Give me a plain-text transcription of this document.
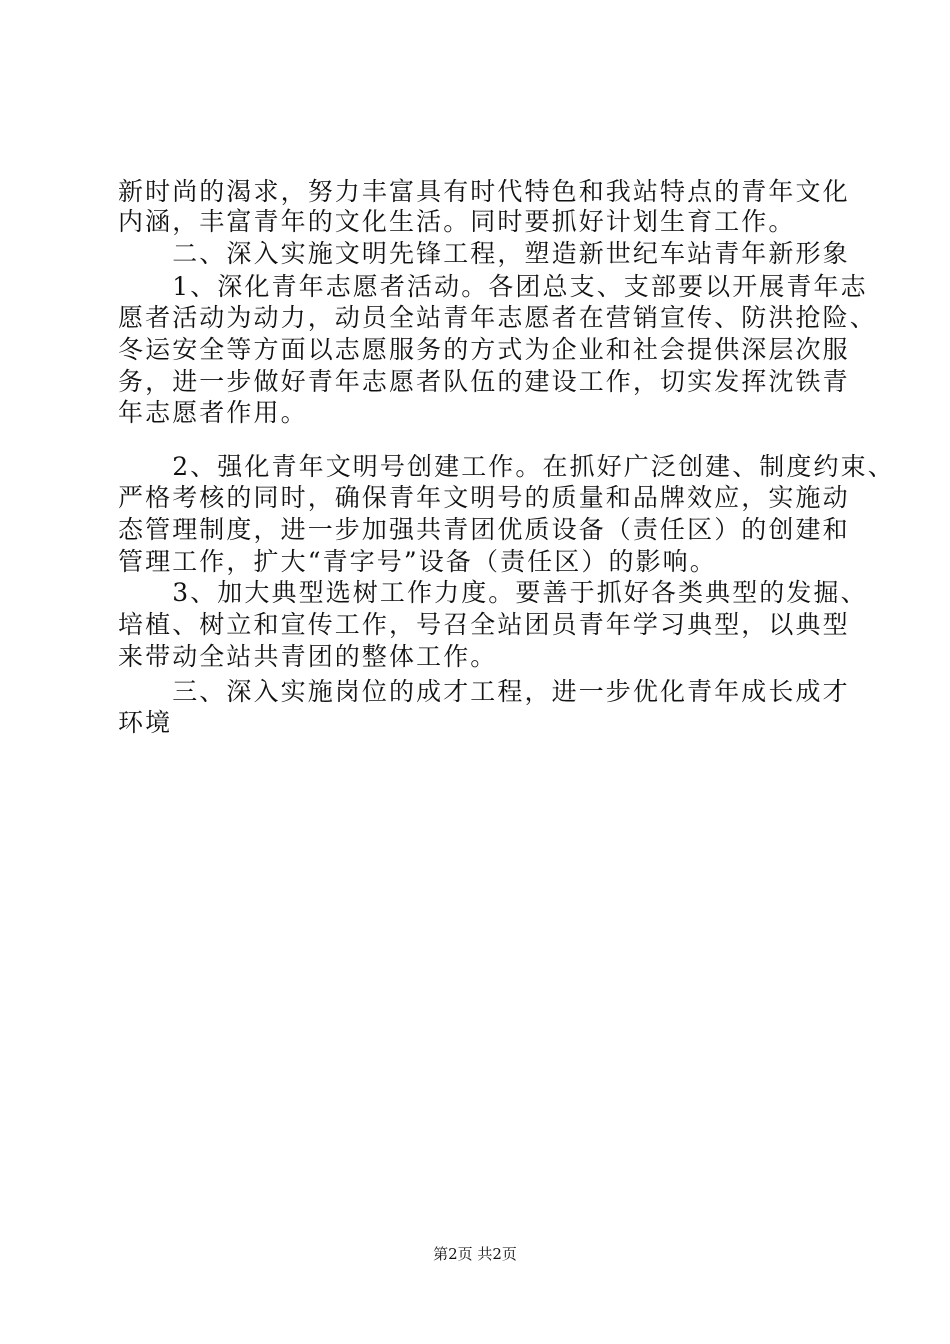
新时尚的渴求，努力丰富具有时代特色和我站特点的青年文化

内涵，丰富青年的文化生活。同时要抓好计划生育工作。

　　二、深入实施文明先锋工程，塑造新世纪车站青年新形象

　　1、深化青年志愿者活动。各团总支、支部要以开展青年志

愿者活动为动力，动员全站青年志愿者在营销宣传、防洪抢险、

冬运安全等方面以志愿服务的方式为企业和社会提供深层次服

务，进一步做好青年志愿者队伍的建设工作，切实发挥沈铁青

年志愿者作用。

　　2、强化青年文明号创建工作。在抓好广泛创建、制度约束、

严格考核的同时，确保青年文明号的质量和品牌效应，实施动

态管理制度，进一步加强共青团优质设备（责任区）的创建和

管理工作，扩大“青字号”设备（责任区）的影响。

　　3、加大典型选树工作力度。要善于抓好各类典型的发掘、

培植、树立和宣传工作，号召全站团员青年学习典型，以典型

来带动全站共青团的整体工作。

　　三、深入实施岗位的成才工程，进一步优化青年成长成才

环境

第2页 共2页
